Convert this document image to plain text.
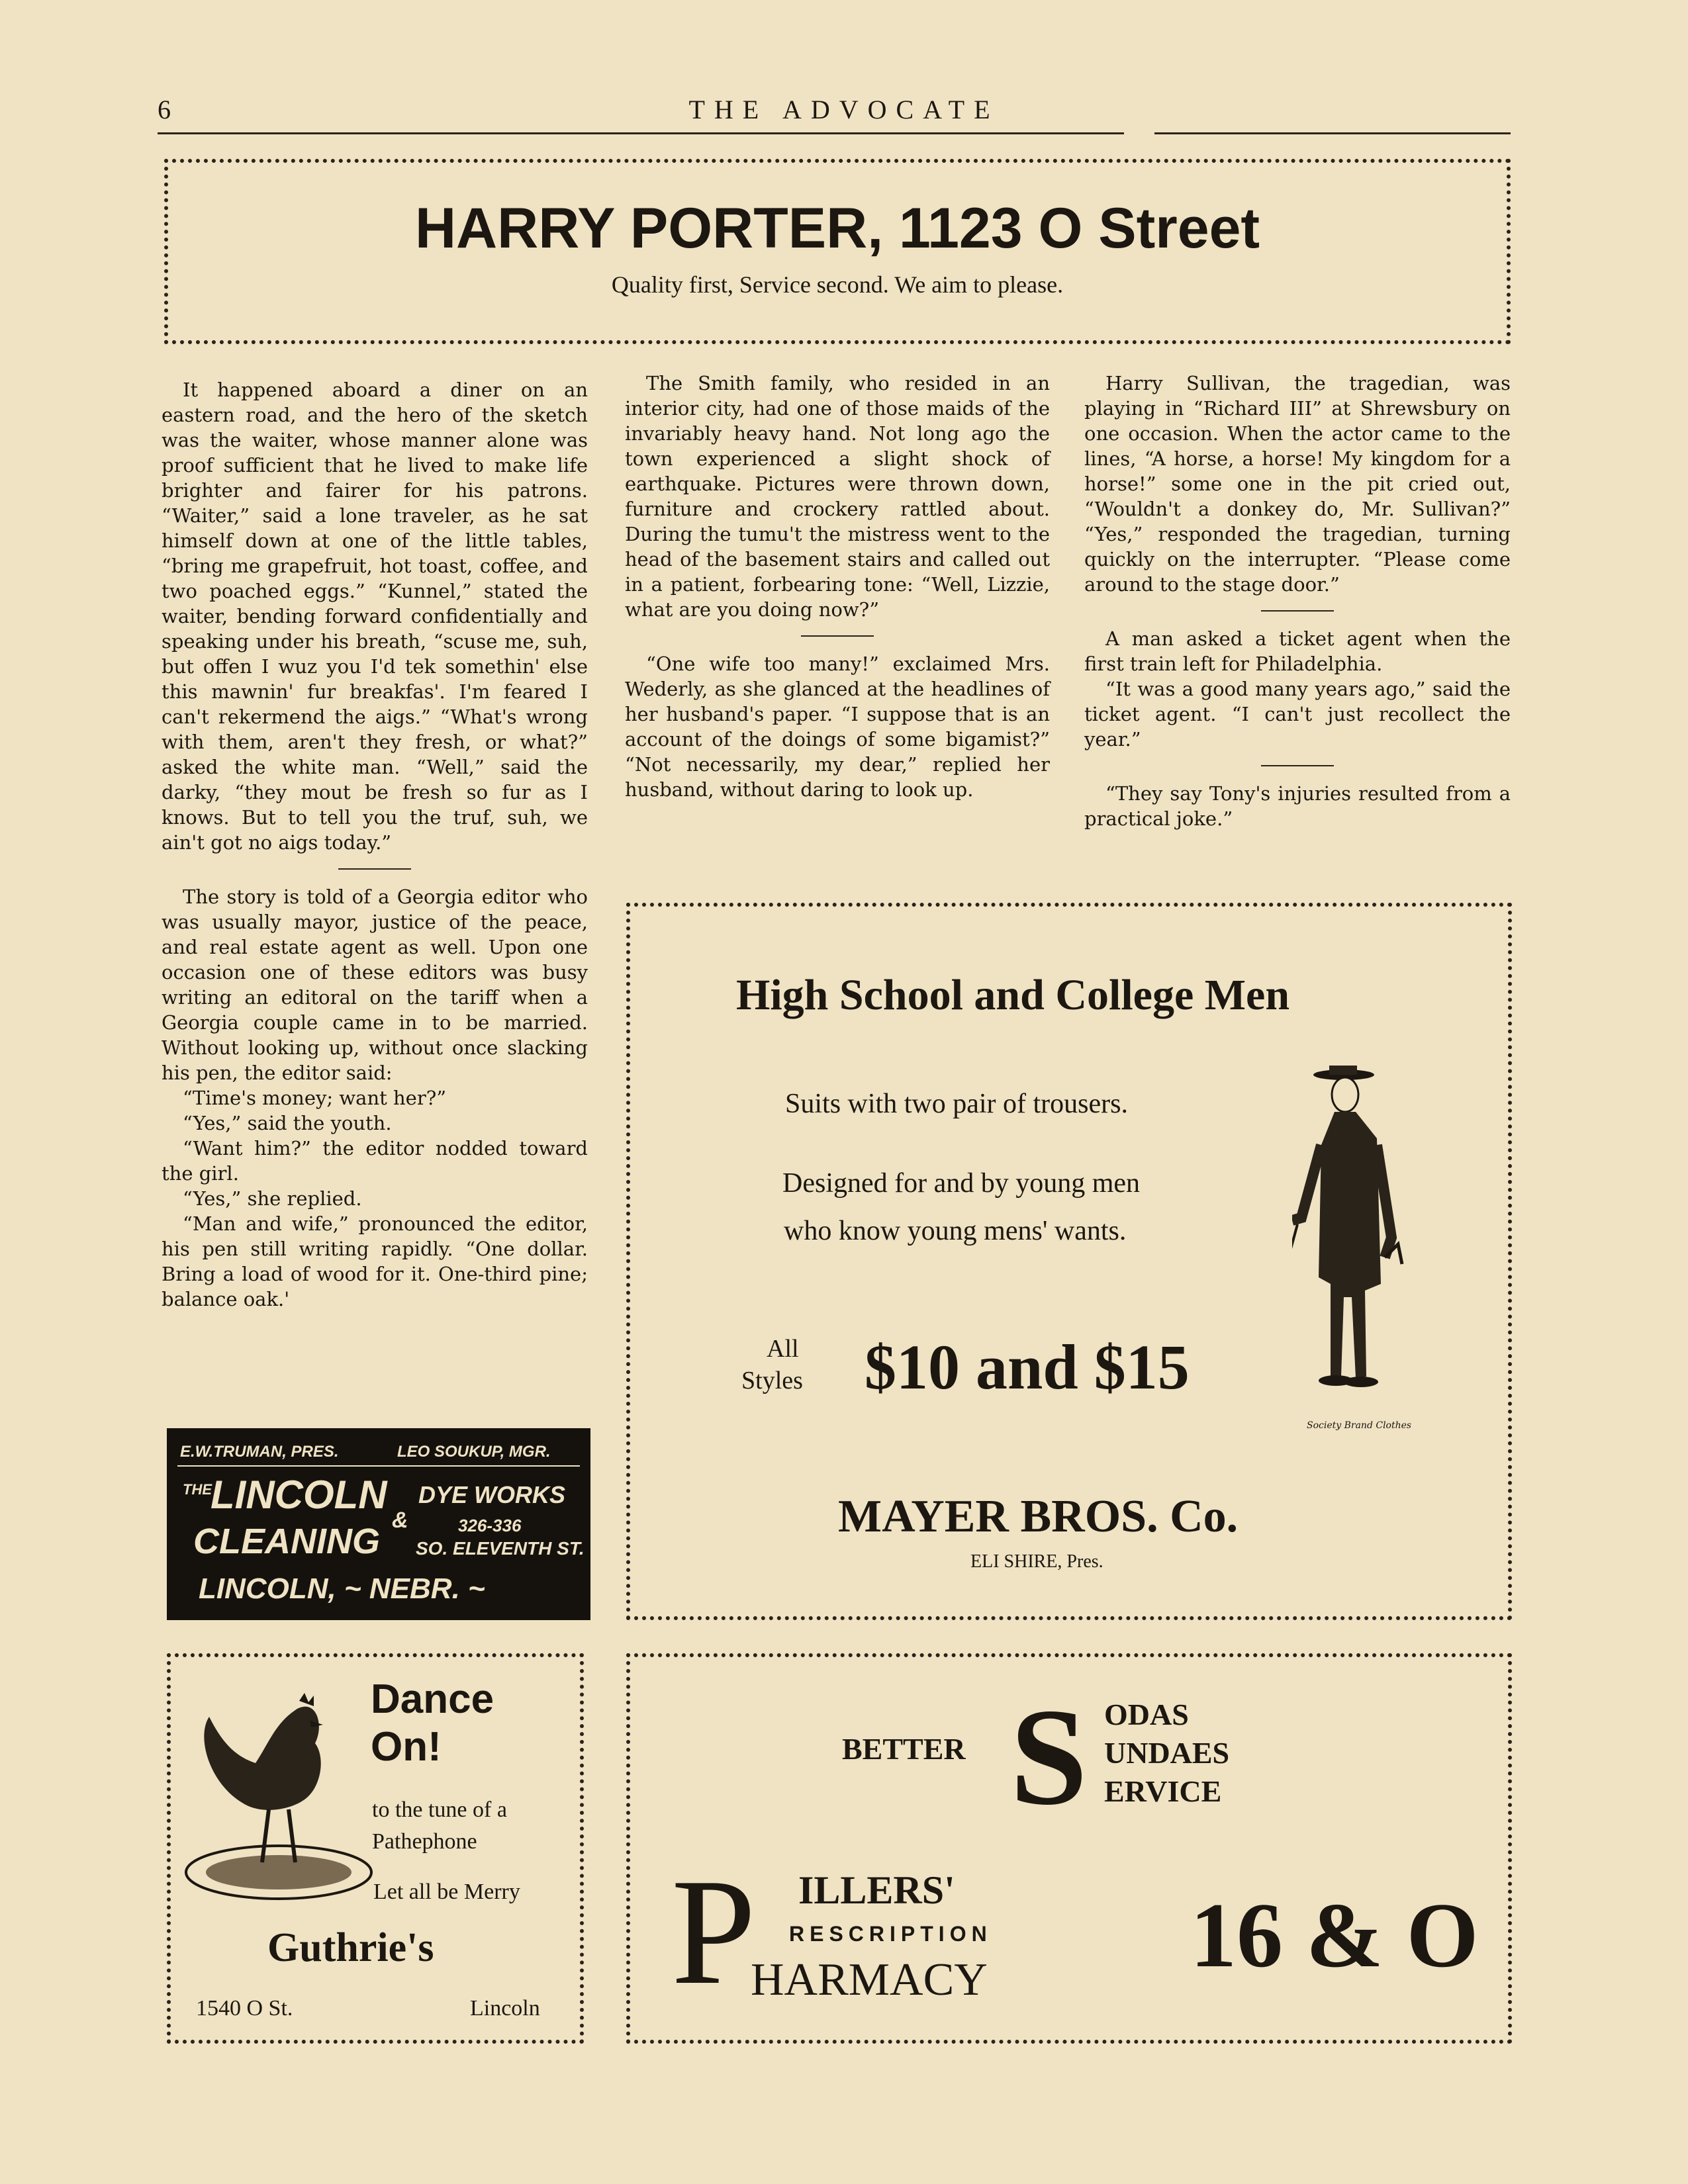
6	THE ADVOCATE
HARRY PORTER, 1123 O Street
Quality first, Service second. We aim to please.

It happened aboard a diner on an eastern road, and the hero of the sketch was the waiter, whose manner alone was proof sufficient that he lived to make life brighter and fairer for his patrons. “Waiter,” said a lone traveler, as he sat himself down at one of the little tables, “bring me grapefruit, hot toast, coffee, and two poached eggs.” “Kunnel,” stated the waiter, bending forward confidentially and speaking under his breath, “scuse me, suh, but offen I wuz you I'd tek somethin' else this mawnin' fur breakfas'. I'm feared I can't rekermend the aigs.” “What's wrong with them, aren't they fresh, or what?” asked the white man. “Well,” said the darky, “they mout be fresh so fur as I knows. But to tell you the truf, suh, we ain't got no aigs today.”

The story is told of a Georgia editor who was usually mayor, justice of the peace, and real estate agent as well. Upon one occasion one of these editors was busy writing an editoral on the tariff when a Georgia couple came in to be married. Without looking up, without once slacking his pen, the editor said:

“Time's money; want her?”

“Yes,” said the youth.

“Want him?” the editor nodded toward the girl.

“Yes,” she replied.

“Man and wife,” pronounced the editor, his pen still writing rapidly. “One dollar. Bring a load of wood for it. One-third pine; balance oak.'

The Smith family, who resided in an interior city, had one of those maids of the invariably heavy hand. Not long ago the town experienced a slight shock of earthquake. Pictures were thrown down, furniture and crockery rattled about. During the tumu't the mistress went to the head of the basement stairs and called out in a patient, forbearing tone: “Well, Lizzie, what are you doing now?”

“One wife too many!” exclaimed Mrs. Wederly, as she glanced at the headlines of her husband's paper. “I suppose that is an account of the doings of some bigamist?” “Not necessarily, my dear,” replied her husband, without daring to look up.

Harry Sullivan, the tragedian, was playing in “Richard III” at Shrewsbury on one occasion. When the actor came to the lines, “A horse, a horse! My kingdom for a horse!” some one in the pit cried out, “Wouldn't a donkey do, Mr. Sullivan?” “Yes,” responded the tragedian, turning quickly on the interrupter. “Please come around to the stage door.”

A man asked a ticket agent when the first train left for Philadelphia.

“It was a good many years ago,” said the ticket agent. “I can't just recollect the year.”

“They say Tony's injuries resulted from a practical joke.”

E.W.TRUMAN, PRES.	LEO SOUKUP, MGR.
THE
LINCOLN
&
DYE WORKS
CLEANING	326-336
SO. ELEVENTH ST.
LINCOLN, ~ NEBR. ~
High School and College Men
Suits with two pair of trousers.
Designed for and by young men
who know young mens' wants.
All
Styles $10 and $15
Society Brand Clothes
MAYER BROS. Co.
ELI SHIRE, Pres.
Dance
On!
to the tune of a
Pathephone
Let all be Merry
Guthrie's
1540 O St.	Lincoln
BETTER S ODAS
UNDAES
ERVICE
P ILLERS'
RESCRIPTION
HARMACY 16 & O
